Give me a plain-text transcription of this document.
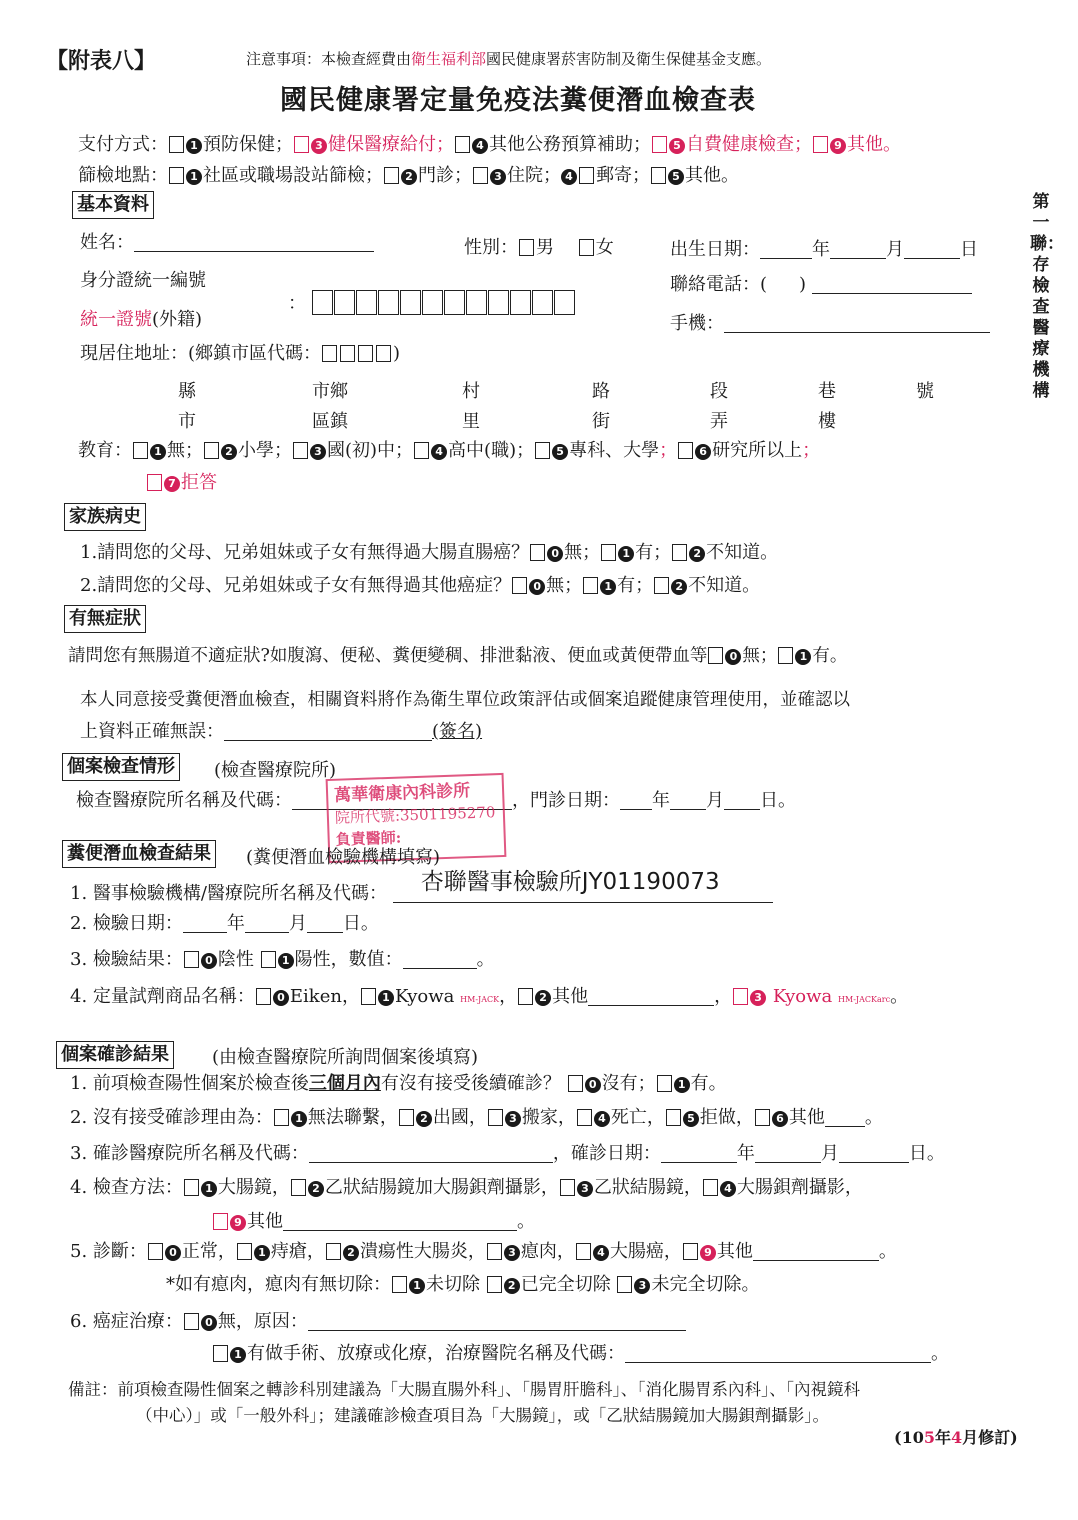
【附表八】	注意事項：本檢查經費由衛生福利部國民健康署菸害防制及衛生保健基金支應。
國民健康署定量免疫法糞便潛血檢查表
第一聯：存檢查醫療機構
支付方式： 1 預防保健； 3 健保醫療給付； 4 其他公務預算補助； 5 自費健康檢查； 9 其他。
篩檢地點： 1 社區或職場設站篩檢； 2 門診； 3 住院； 4 郵寄； 5 其他。
基本資料
姓名：	性別： 男 女	出生日期：	年	月	日
身分證統一編號
統一證號(外籍)
：
聯絡電話：( )
手機：
現居住地址：(鄉鎮市區代碼：	)
縣	市鄉	村	路	段	巷	號
市	區鎮	里	街	弄	樓
教育： 1 無； 2 小學； 3 國(初)中； 4 高中(職)； 5 專科、大學； 6 研究所以上；
7 拒答
家族病史
1.請問您的父母、兄弟姐妹或子女有無得過大腸直腸癌？ 0 無； 1 有； 2 不知道。
2.請問您的父母、兄弟姐妹或子女有無得過其他癌症？ 0 無； 1 有； 2 不知道。
有無症狀
請問您有無腸道不適症狀?如腹瀉、便秘、糞便變稠、排泄黏液、便血或黃便帶血等 0 無； 1 有。
本人同意接受糞便潛血檢查，相關資料將作為衛生單位政策評估或個案追蹤健康管理使用，並確認以
上資料正確無誤：	(簽名)
個案檢查情形 (檢查醫療院所)
檢查醫療院所名稱及代碼：	，門診日期： 年 月 日。
萬華衛康內科診所
院所代號:3501195270
負責醫師:
糞便潛血檢查結果 (糞便潛血檢驗機構填寫)
1. 醫事檢驗機構/醫療院所名稱及代碼： 杏聯醫事檢驗所JY01190073
2. 檢驗日期： 年 月 日。
3. 檢驗結果： 0 陰性	1 陽性，數值：	。
4. 定量試劑商品名稱： 0 Eiken， 1 Kyowa HM-JACK， 2 其他	， 3 Kyowa HM-JACKarc。
個案確診結果 (由檢查醫療院所詢問個案後填寫)
1. 前項檢查陽性個案於檢查後三個月內有沒有接受後續確診？	0 沒有； 1 有。
2. 沒有接受確診理由為： 1 無法聯繫， 2 出國， 3 搬家， 4 死亡， 5 拒做， 6 其他 。
3. 確診醫療院所名稱及代碼：	，確診日期：	年	月	日。
4. 檢查方法： 1 大腸鏡， 2 乙狀結腸鏡加大腸鋇劑攝影， 3 乙狀結腸鏡， 4 大腸鋇劑攝影，
9 其他	。
5. 診斷： 0 正常， 1 痔瘡， 2 潰瘍性大腸炎， 3 瘜肉， 4 大腸癌， 9 其他	。
*如有瘜肉，瘜肉有無切除： 1 未切除	2 已完全切除	3 未完全切除。
6. 癌症治療： 0 無，原因：
1 有做手術、放療或化療，治療醫院名稱及代碼：	。
備註：前項檢查陽性個案之轉診科別建議為「大腸直腸外科」、「腸胃肝膽科」、「消化腸胃系內科」、「內視鏡科
（中心）」或「一般外科」；建議確診檢查項目為「大腸鏡」，或「乙狀結腸鏡加大腸鋇劑攝影」。
(105年4月修訂)
